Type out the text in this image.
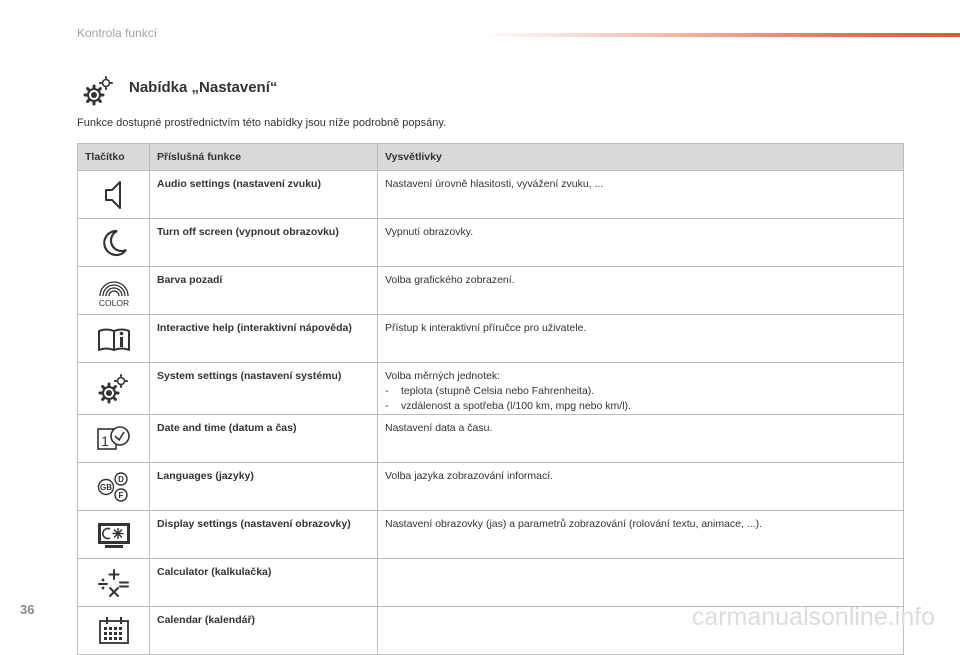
Kontrola funkcí
Nabídka „Nastavení“
Funkce dostupné prostřednictvím této nabídky jsou níže podrobně popsány.
Tlačítko	Příslušná funkce	Vysvětlivky

	Audio settings (nastavení zvuku)	Nastavení úrovně hlasitosti, vyvážení zvuku, ...

	Turn off screen (vypnout obrazovku)	Vypnutí obrazovky.

COLOR	Barva pozadí	Volba grafického zobrazení.

	Interactive help (interaktivní nápověda)	Přístup k interaktivní příručce pro uživatele.

	System settings (nastavení systému)	Volba měrných jednotek:
- teplota (stupně Celsia nebo Fahrenheita).
- vzdálenost a spotřeba (l/100 km, mpg nebo km/l).

1	Date and time (datum a čas)	Nastavení data a času.

D
GB
F	Languages (jazyky)	Volba jazyka zobrazování informací.

	Display settings (nastavení obrazovky)	Nastavení obrazovky (jas) a parametrů zobrazování (rolování textu, animace, ...).

	Calculator (kalkulačka)	

	Calendar (kalendář)	
36	carmanualsonline.info
